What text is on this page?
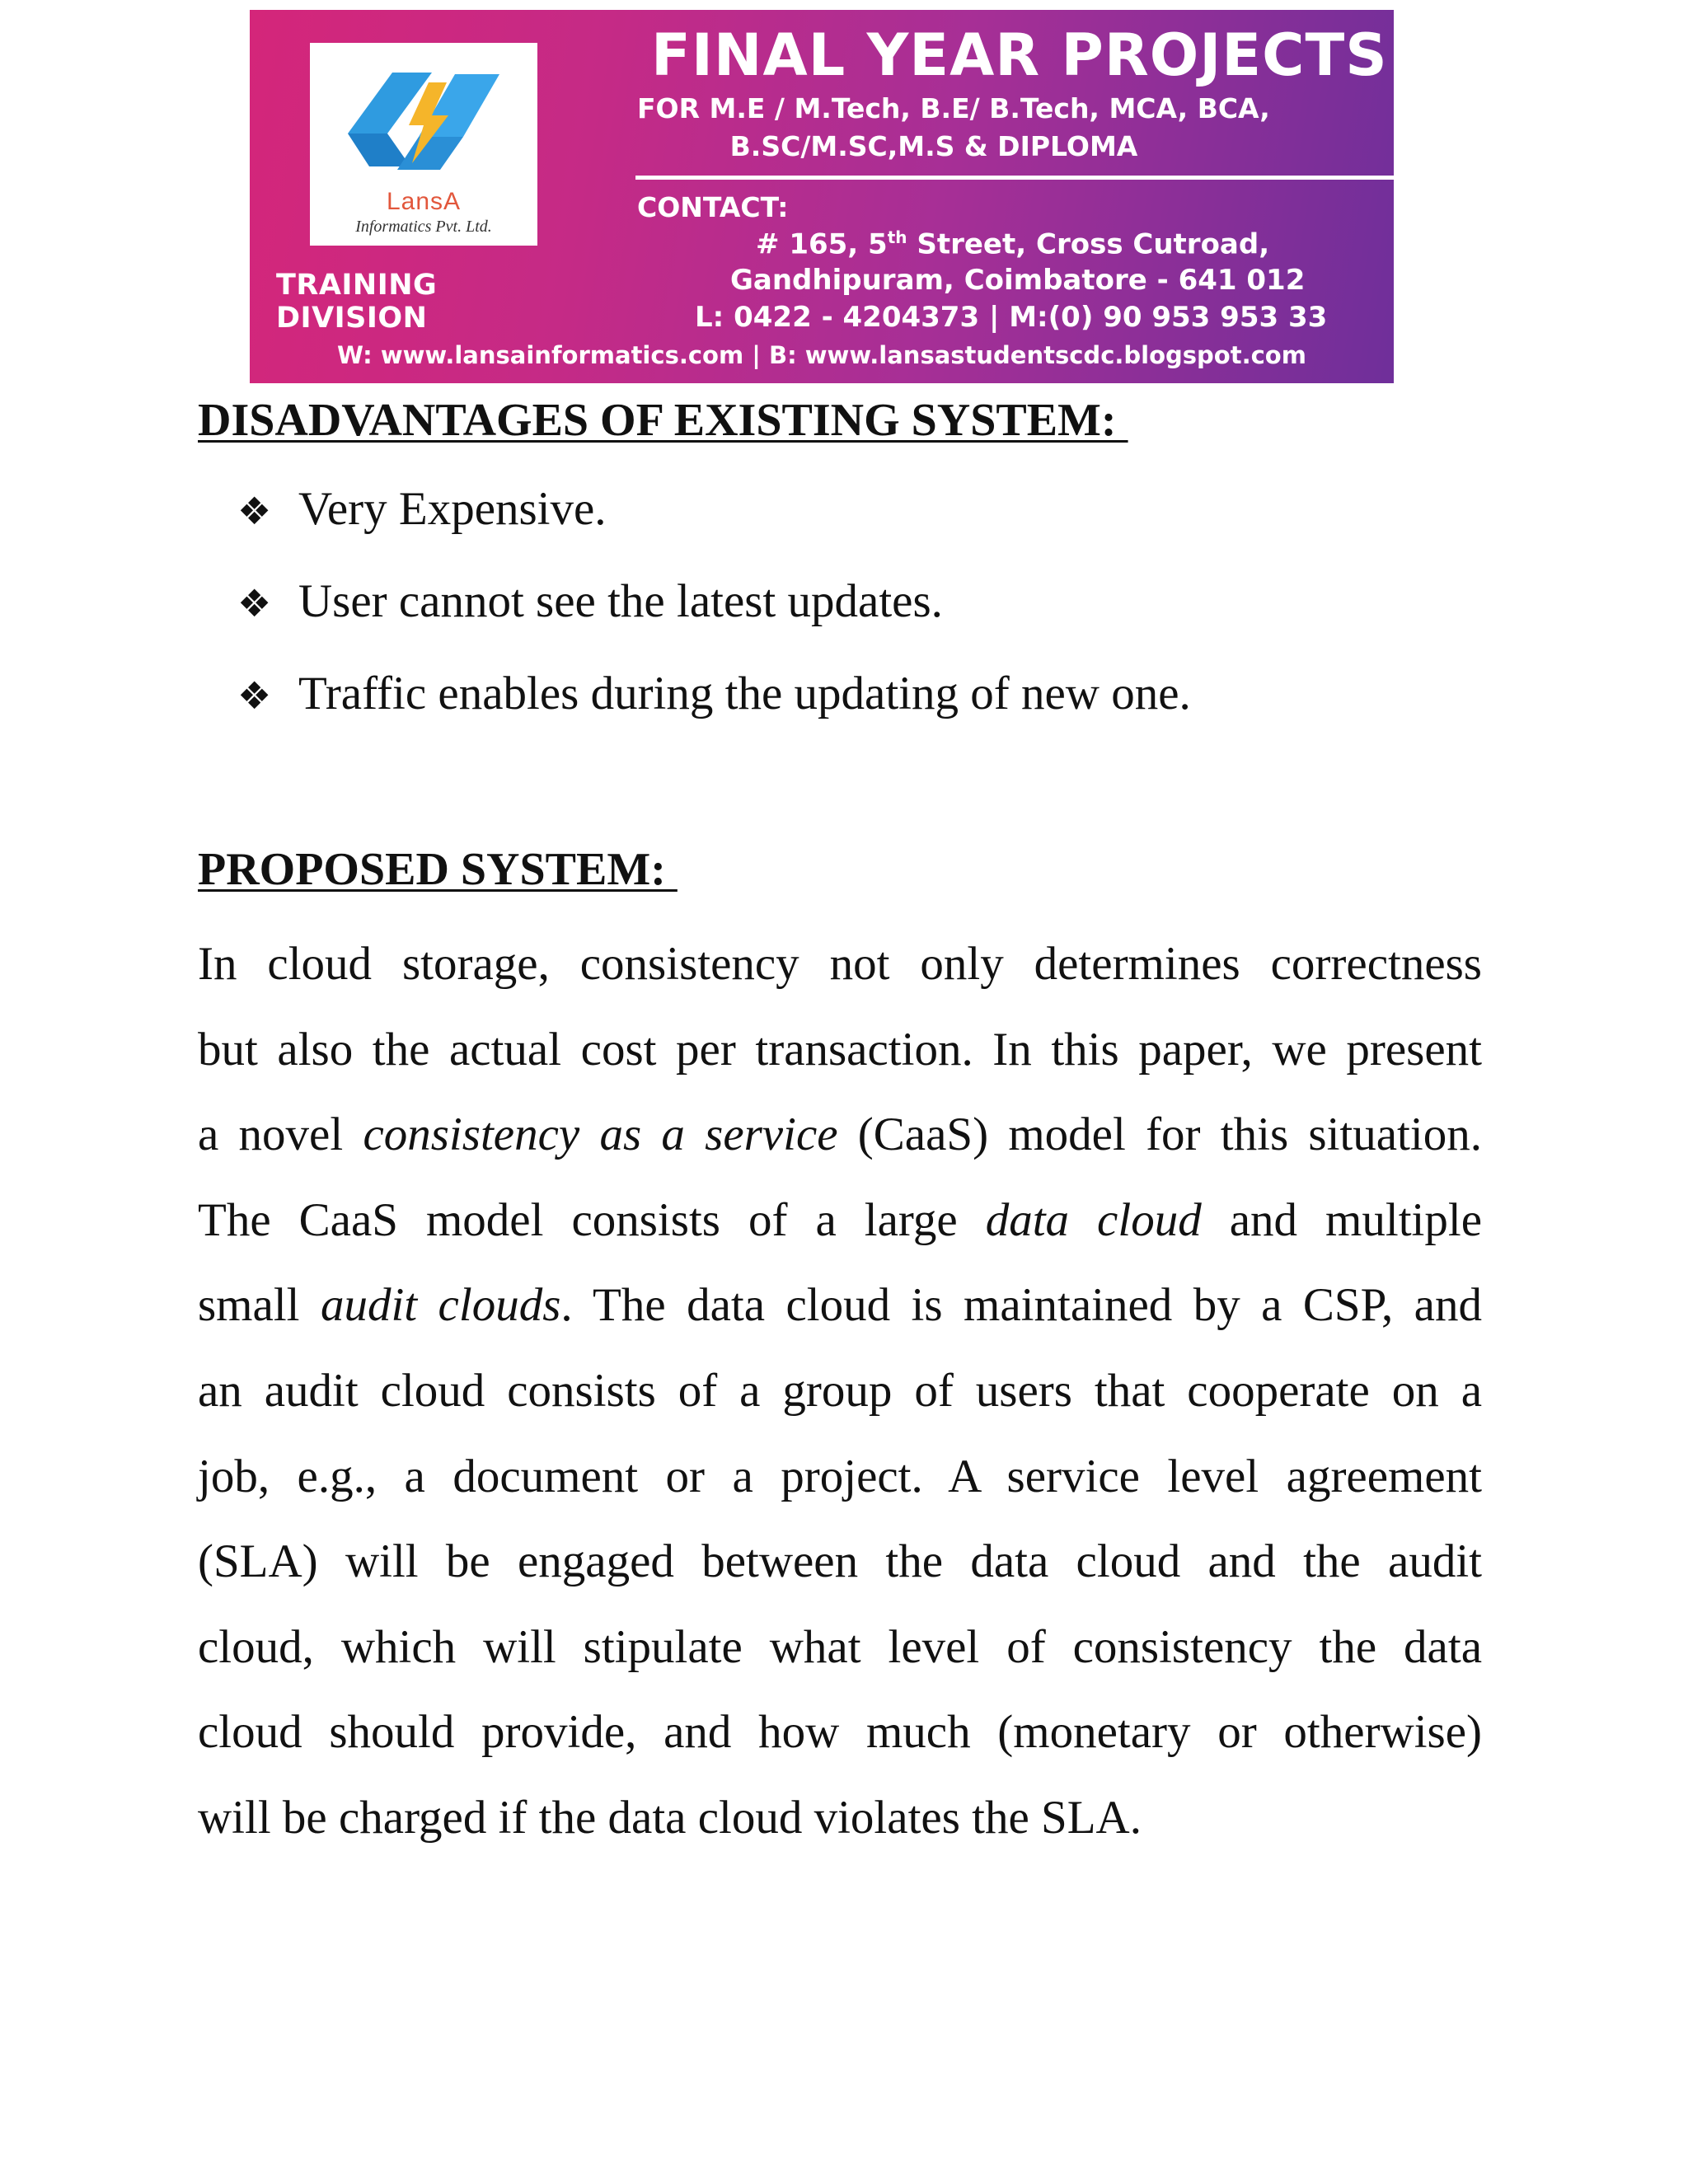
LansA
Informatics Pvt. Ltd.
TRAINING DIVISION
FINAL YEAR PROJECTS
FOR M.E / M.Tech, B.E/ B.Tech, MCA, BCA,
B.SC/M.SC,M.S & DIPLOMA
CONTACT:
# 165, 5th Street, Cross Cutroad,
Gandhipuram, Coimbatore - 641 012
L: 0422 - 4204373 | M:(0) 90 953 953 33
W: www.lansainformatics.com | B: www.lansastudentscdc.blogspot.com
DISADVANTAGES OF EXISTING SYSTEM:
❖ Very Expensive.
❖ User cannot see the latest updates.
❖ Traffic enables during the updating of new one.
PROPOSED SYSTEM:
In cloud storage, consistency not only determines correctness
but also the actual cost per transaction. In this paper, we present
a novel consistency as a service (CaaS) model for this situation.
The CaaS model consists of a large data cloud and multiple
small audit clouds. The data cloud is maintained by a CSP, and
an audit cloud consists of a group of users that cooperate on a
job, e.g., a document or a project. A service level agreement
(SLA) will be engaged between the data cloud and the audit
cloud, which will stipulate what level of consistency the data
cloud should provide, and how much (monetary or otherwise)
will be charged if the data cloud violates the SLA.
